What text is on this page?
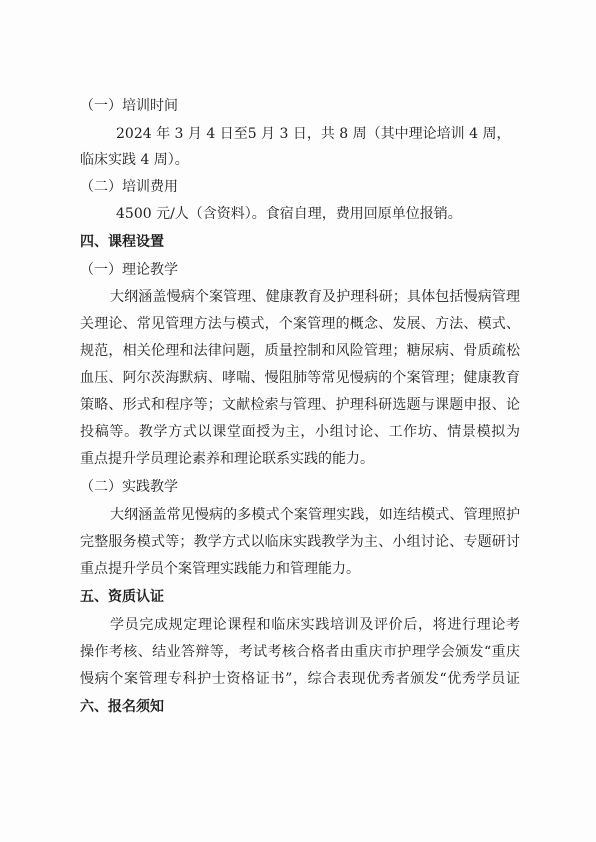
（一）培训时间
2024 年 3 月 4 日至5 月 3 日，共 8 周（其中理论培训 4 周，
临床实践 4 周）。
（二）培训费用
4500 元/人（含资料）。食宿自理，费用回原单位报销。
四、课程设置
（一）理论教学
大纲涵盖慢病个案管理、健康教育及护理科研；具体包括慢病管理
关理论、常见管理方法与模式，个案管理的概念、发展、方法、模式、
规范，相关伦理和法律问题，质量控制和风险管理；糖尿病、骨质疏松
血压、阿尔茨海默病、哮喘、慢阻肺等常见慢病的个案管理；健康教育
策略、形式和程序等；文献检索与管理、护理科研选题与课题申报、论
投稿等。教学方式以课堂面授为主，小组讨论、工作坊、情景模拟为
重点提升学员理论素养和理论联系实践的能力。
（二）实践教学
大纲涵盖常见慢病的多模式个案管理实践，如连结模式、管理照护
完整服务模式等；教学方式以临床实践教学为主、小组讨论、专题研讨
重点提升学员个案管理实践能力和管理能力。
五、资质认证
学员完成规定理论课程和临床实践培训及评价后，将进行理论考
操作考核、结业答辩等，考试考核合格者由重庆市护理学会颁发“重庆
慢病个案管理专科护士资格证书”，综合表现优秀者颁发“优秀学员证
六、报名须知
